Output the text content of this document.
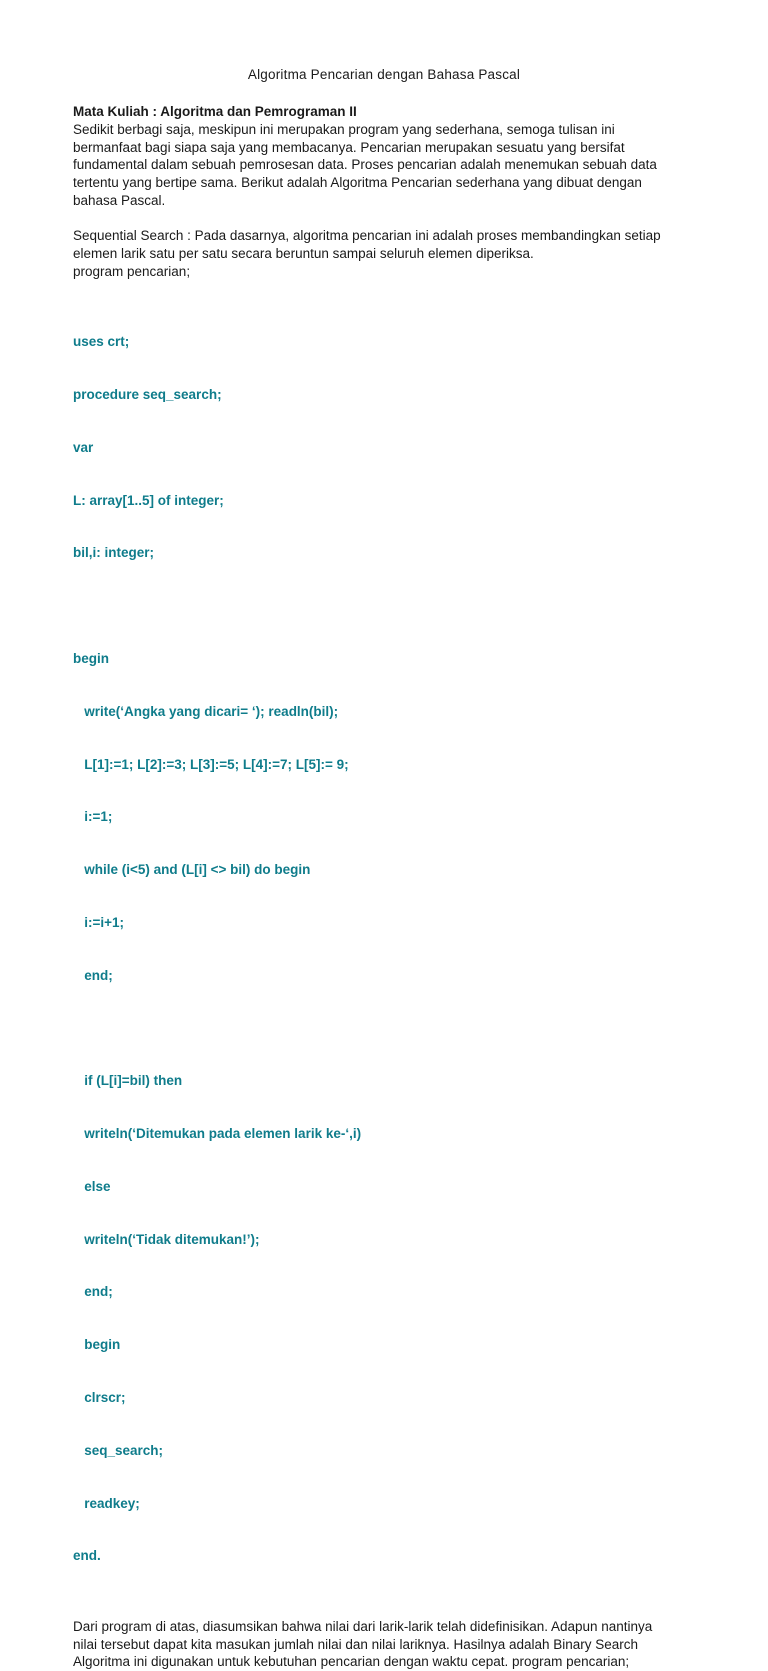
Algoritma Pencarian dengan Bahasa Pascal

Mata Kuliah : Algoritma dan Pemrograman II

Sedikit berbagi saja, meskipun ini merupakan program yang sederhana, semoga tulisan ini
bermanfaat bagi siapa saja yang membacanya. Pencarian merupakan sesuatu yang bersifat
fundamental dalam sebuah pemrosesan data. Proses pencarian adalah menemukan sebuah data
tertentu yang bertipe sama. Berikut adalah Algoritma Pencarian sederhana yang dibuat dengan
bahasa Pascal.

Sequential Search : Pada dasarnya, algoritma pencarian ini adalah proses membandingkan setiap
elemen larik satu per satu secara beruntun sampai seluruh elemen diperiksa.
program pencarian;

uses crt;

procedure seq_search;

var

L: array[1..5] of integer;

bil,i: integer;

begin

write(‘Angka yang dicari= ‘); readln(bil);

L[1]:=1; L[2]:=3; L[3]:=5; L[4]:=7; L[5]:= 9;

i:=1;

while (i<5) and (L[i] <> bil) do begin

i:=i+1;

end;

if (L[i]=bil) then

writeln(‘Ditemukan pada elemen larik ke-‘,i)

else

writeln(‘Tidak ditemukan!’);

end;

begin

clrscr;

seq_search;

readkey;

end.

Dari program di atas, diasumsikan bahwa nilai dari larik-larik telah didefinisikan. Adapun nantinya
nilai tersebut dapat kita masukan jumlah nilai dan nilai lariknya. Hasilnya adalah Binary Search
Algoritma ini digunakan untuk kebutuhan pencarian dengan waktu cepat. program pencarian;
